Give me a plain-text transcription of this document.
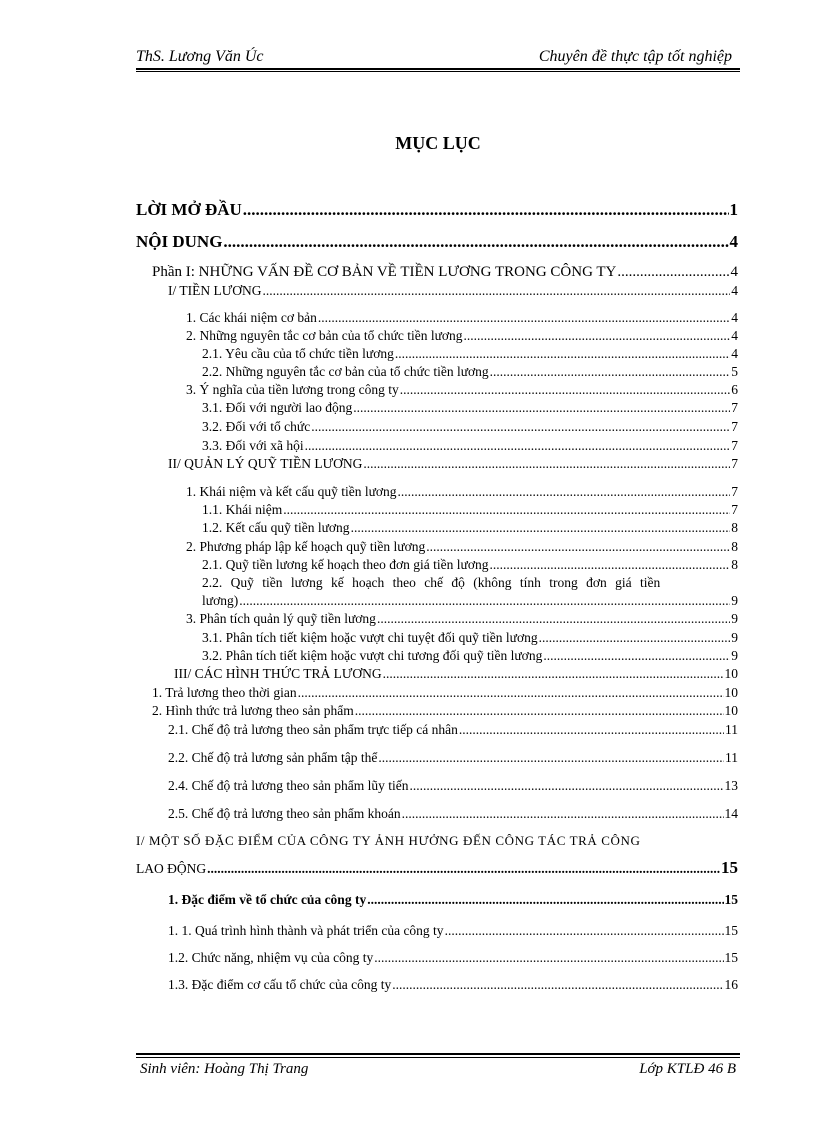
ThS. Lương Văn Úc	Chuyên đề thực tập tốt nghiệp
MỤC LỤC
LỜI MỞ ĐẦU .....	1
NỘI DUNG .....	4
Phần I: NHỮNG VẤN ĐỀ CƠ BẢN VỀ TIỀN LƯƠNG TRONG CÔNG TY .....	4
I/ TIỀN LƯƠNG .....	4
1. Các khái niệm cơ bản .....	4
2. Những nguyên tắc cơ bản của tổ chức tiền lương .....	4
2.1. Yêu cầu của tổ chức tiền lương .....	4
2.2. Những nguyên tắc cơ bản của tổ chức tiền lương .....	5
3. Ý nghĩa của tiền lương trong công ty .....	6
3.1. Đối với người lao động .....	7
3.2. Đối với tổ chức .....	7
3.3. Đối với xã hội .....	7
II/ QUẢN LÝ QUỸ TIỀN LƯƠNG .....	7
1. Khái niệm và kết cấu quỹ tiền lương .....	7
1.1. Khái niệm .....	7
1.2. Kết cấu quỹ tiền lương .....	8
2. Phương pháp lập kế hoạch quỹ tiền lương .....	8
2.1. Quỹ tiền lương kế hoạch theo đơn giá tiền lương .....	8
2.2. Quỹ tiền lương kế hoạch theo chế độ (không tính trong đơn giá tiền
lương) .....	9
3. Phân tích quản lý quỹ tiền lương .....	9
3.1. Phân tích tiết kiệm hoặc vượt chi tuyệt đối quỹ tiền lương .....	9
3.2. Phân tích tiết kiệm hoặc vượt chi tương đối quỹ tiền lương .....	9
III/ CÁC HÌNH THỨC TRẢ LƯƠNG .....	10
1. Trả lương theo thời gian .....	10
2. Hình thức trả lương theo sản phẩm .....	10
2.1. Chế độ trả lương theo sản phẩm trực tiếp cá nhân .....	11
2.2. Chế độ trả lương sản phẩm tập thể .....	11
2.4. Chế độ trả lương theo sản phẩm lũy tiến .....	13
2.5. Chế độ trả lương theo sản phẩm khoán .....	14
I/ MỘT SỐ ĐẶC ĐIỂM CỦA CÔNG TY ẢNH HƯỞNG ĐẾN CÔNG TÁC TRẢ CÔNG
LAO ĐỘNG .....	15
1. Đặc điểm về tổ chức của công ty .....	15
1. 1. Quá trình hình thành và phát triển của công ty .....	15
1.2. Chức năng, nhiệm vụ của công ty .....	15
1.3. Đặc điểm cơ cấu tổ chức của công ty .....	16
Sinh viên: Hoàng Thị Trang	Lớp KTLĐ 46 B
